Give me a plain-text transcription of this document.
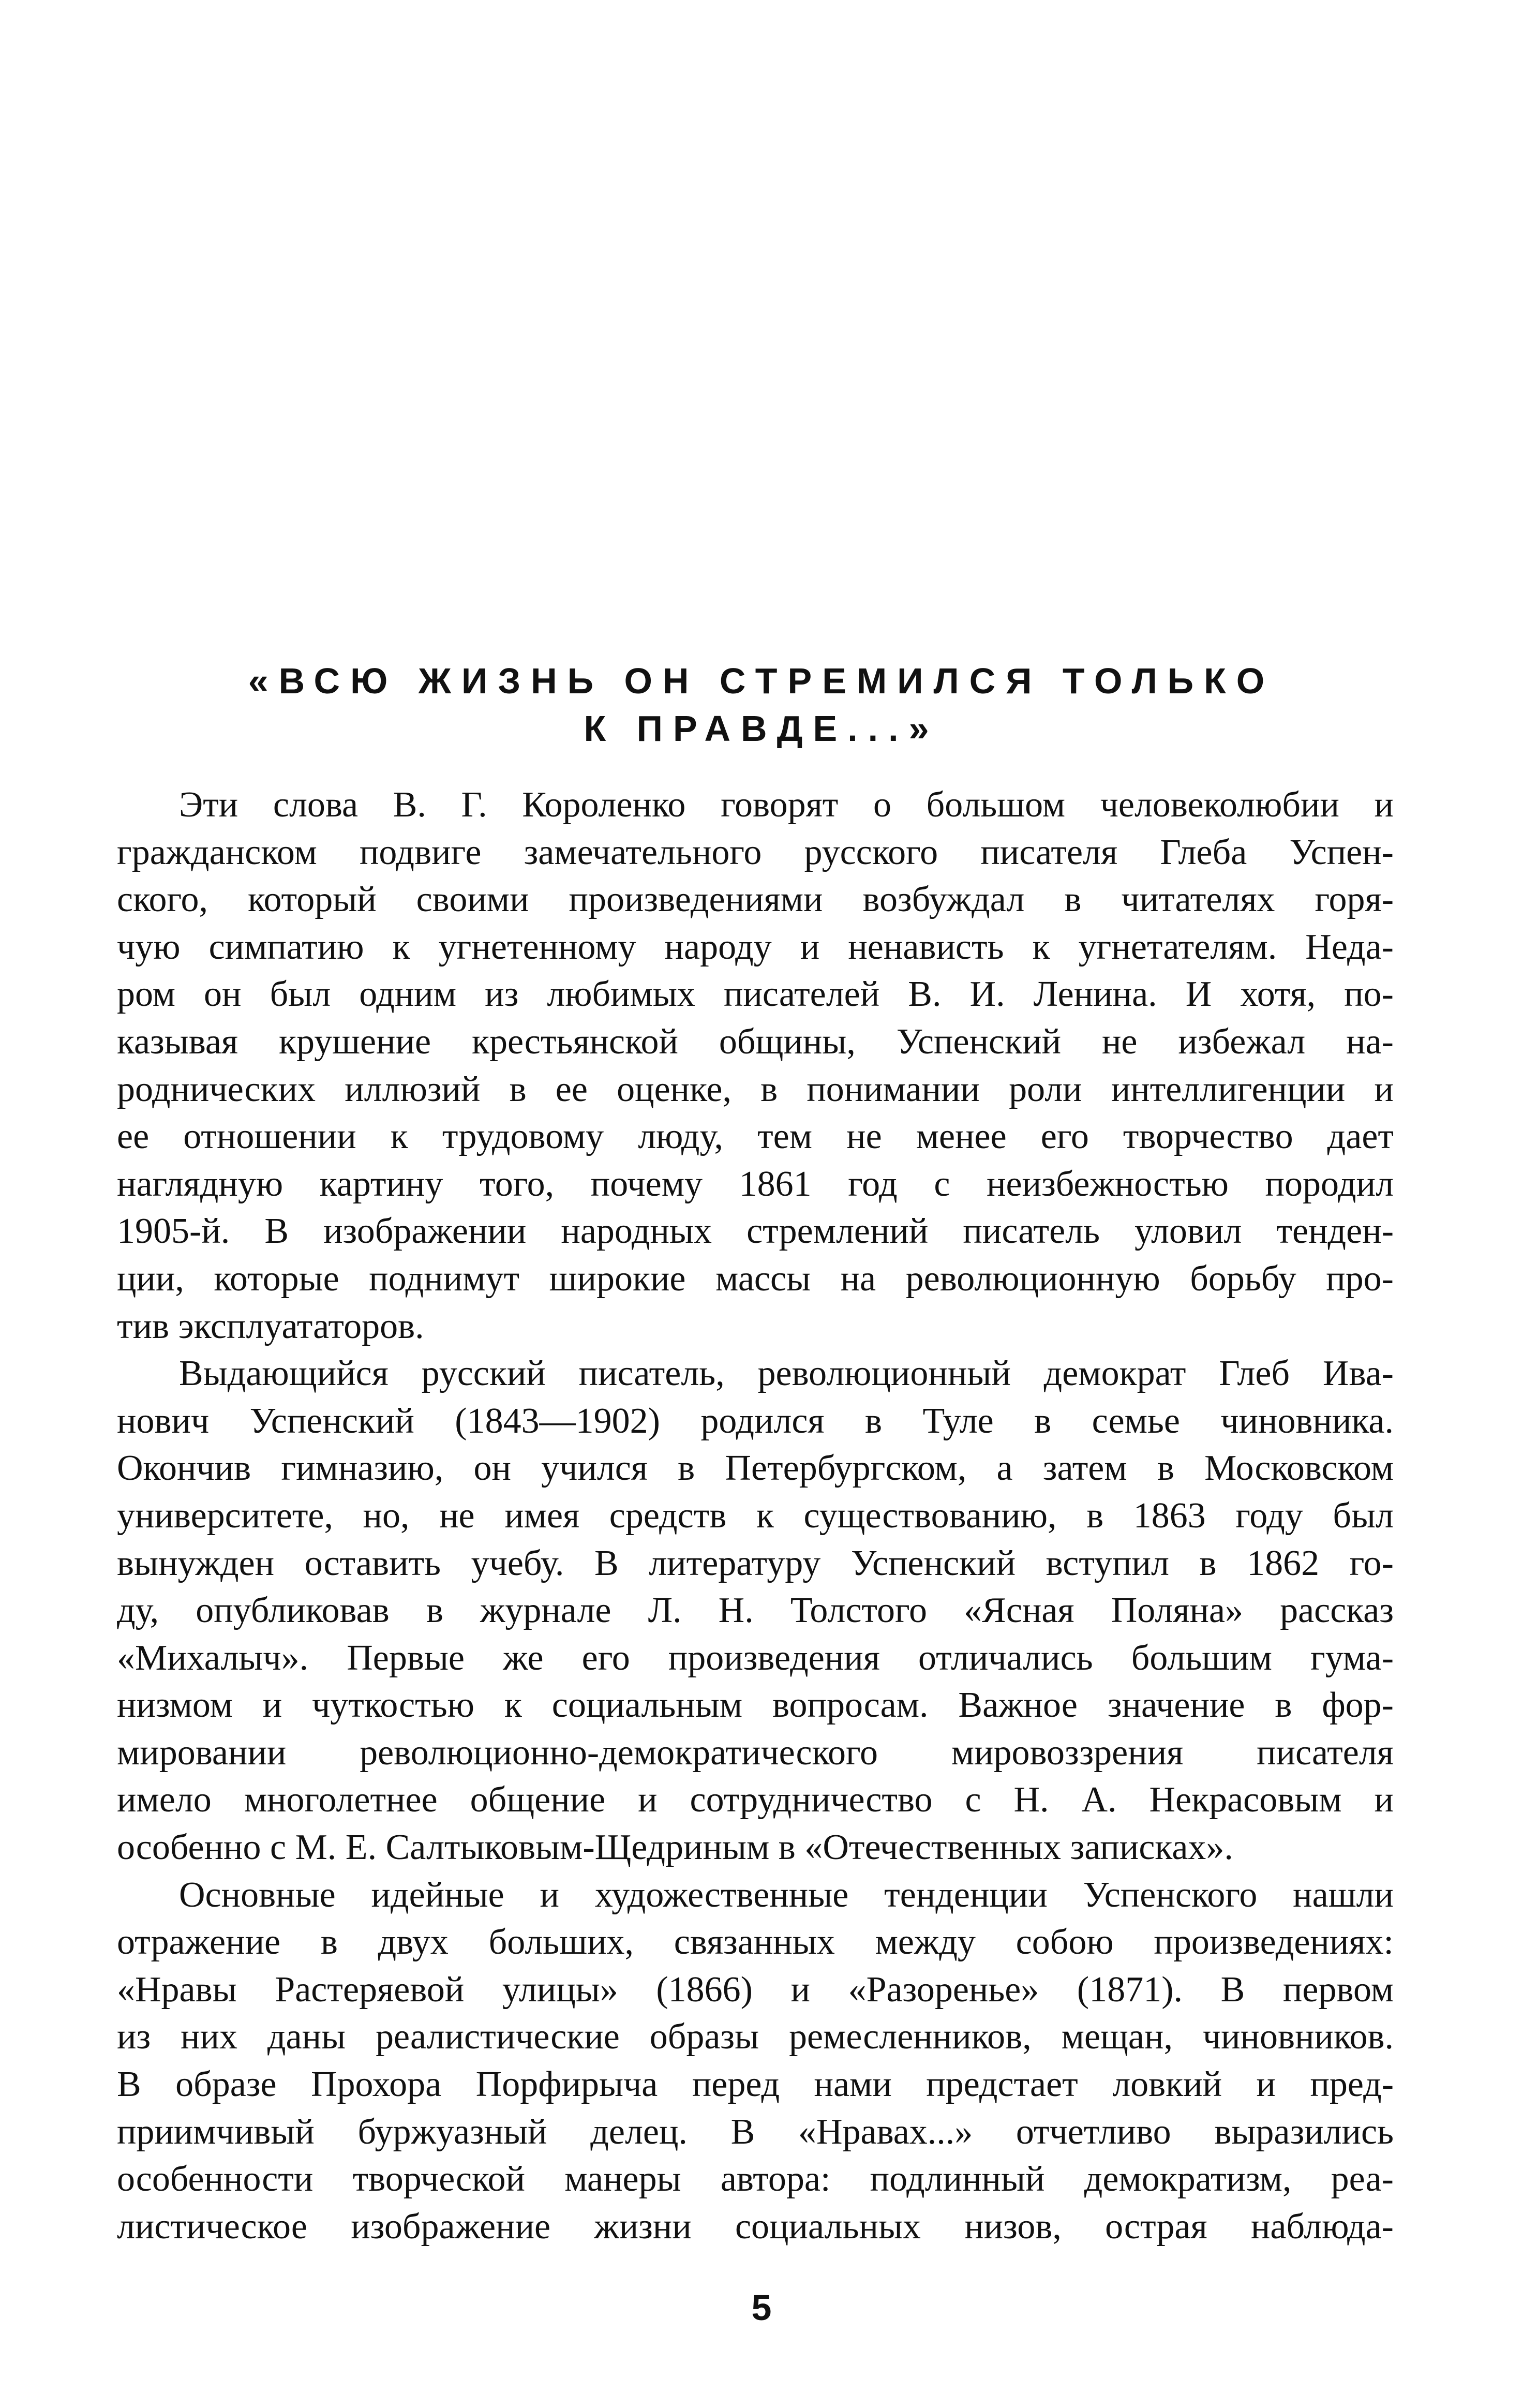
«ВСЮ ЖИЗНЬ ОН СТРЕМИЛСЯ ТОЛЬКО
К ПРАВДЕ...»
Эти слова В. Г. Короленко говорят о большом человеколюбии и
гражданском подвиге замечательного русского писателя Глеба Успен-
ского, который своими произведениями возбуждал в читателях горя-
чую симпатию к угнетенному народу и ненависть к угнетателям. Неда-
ром он был одним из любимых писателей В. И. Ленина. И хотя, по-
казывая крушение крестьянской общины, Успенский не избежал на-
роднических иллюзий в ее оценке, в понимании роли интеллигенции и
ее отношении к трудовому люду, тем не менее его творчество дает
наглядную картину того, почему 1861 год с неизбежностью породил
1905-й. В изображении народных стремлений писатель уловил тенден-
ции, которые поднимут широкие массы на революционную борьбу про-
тив эксплуататоров.
Выдающийся русский писатель, революционный демократ Глеб Ива-
нович Успенский (1843—1902) родился в Туле в семье чиновника.
Окончив гимназию, он учился в Петербургском, а затем в Московском
университете, но, не имея средств к существованию, в 1863 году был
вынужден оставить учебу. В литературу Успенский вступил в 1862 го-
ду, опубликовав в журнале Л. Н. Толстого «Ясная Поляна» рассказ
«Михалыч». Первые же его произведения отличались большим гума-
низмом и чуткостью к социальным вопросам. Важное значение в фор-
мировании революционно-демократического мировоззрения писателя
имело многолетнее общение и сотрудничество с Н. А. Некрасовым и
особенно с М. Е. Салтыковым-Щедриным в «Отечественных записках».
Основные идейные и художественные тенденции Успенского нашли
отражение в двух больших, связанных между собою произведениях:
«Нравы Растеряевой улицы» (1866) и «Разоренье» (1871). В первом
из них даны реалистические образы ремесленников, мещан, чиновников.
В образе Прохора Порфирыча перед нами предстает ловкий и пред-
приимчивый буржуазный делец. В «Нравах...» отчетливо выразились
особенности творческой манеры автора: подлинный демократизм, реа-
листическое изображение жизни социальных низов, острая наблюда-
5
